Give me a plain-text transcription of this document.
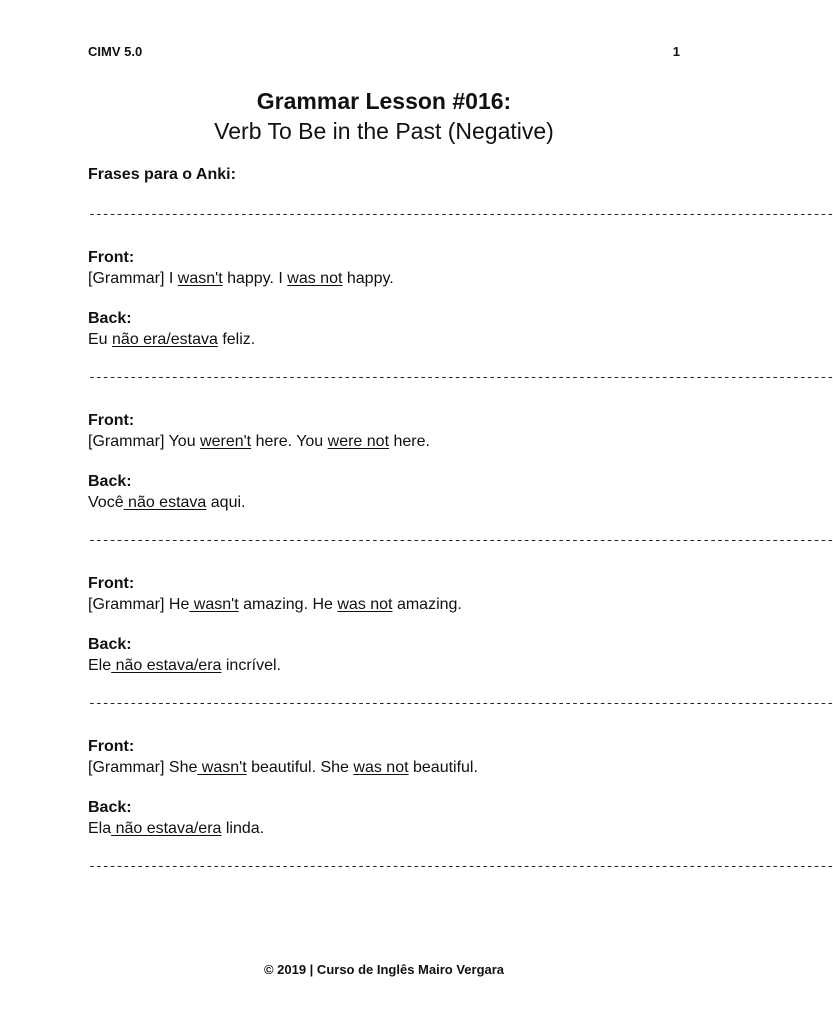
CIMV 5.0	1
Grammar Lesson #016:
Verb To Be in the Past (Negative)
Frases para o Anki:
------------------------------------------------------------------------------------------------------------
Front:
[Grammar] I wasn't happy. I was not happy.
Back:
Eu não era/estava feliz.
------------------------------------------------------------------------------------------------------------
Front:
[Grammar] You weren't here. You were not here.
Back:
Você não estava aqui.
------------------------------------------------------------------------------------------------------------
Front:
[Grammar] He wasn't amazing. He was not amazing.
Back:
Ele não estava/era incrível.
------------------------------------------------------------------------------------------------------------
Front:
[Grammar] She wasn't beautiful. She was not beautiful.
Back:
Ela não estava/era linda.
------------------------------------------------------------------------------------------------------------
© 2019 | Curso de Inglês Mairo Vergara
